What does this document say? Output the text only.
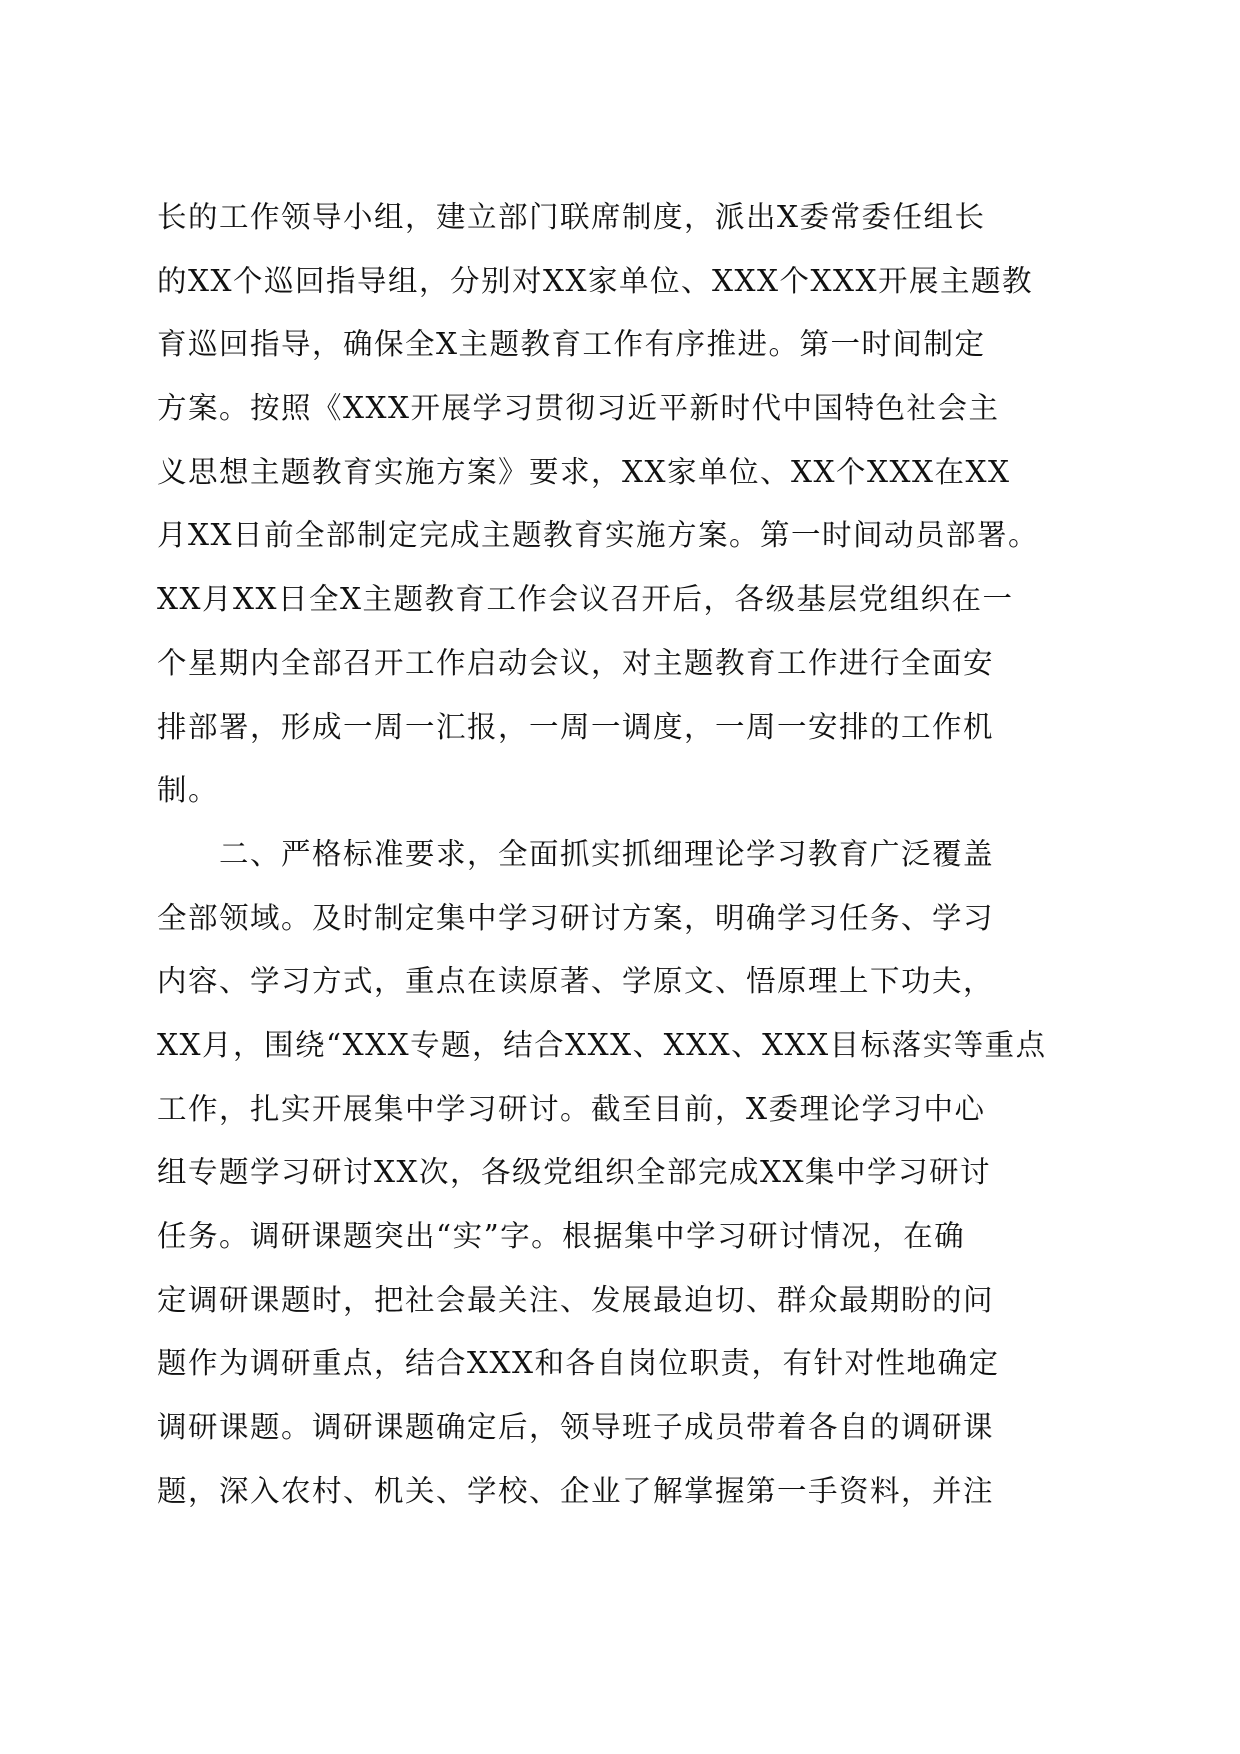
长的工作领导小组，建立部门联席制度，派出X委常委任组长
的XX个巡回指导组，分别对XX家单位、XXX个XXX开展主题教
育巡回指导，确保全X主题教育工作有序推进。第一时间制定
方案。按照《XXX开展学习贯彻习近平新时代中国特色社会主
义思想主题教育实施方案》要求，XX家单位、XX个XXX在XX
月XX日前全部制定完成主题教育实施方案。第一时间动员部署。
XX月XX日全X主题教育工作会议召开后，各级基层党组织在一
个星期内全部召开工作启动会议，对主题教育工作进行全面安
排部署，形成一周一汇报，一周一调度，一周一安排的工作机
制。
　　二、严格标准要求，全面抓实抓细理论学习教育广泛覆盖
全部领域。及时制定集中学习研讨方案，明确学习任务、学习
内容、学习方式，重点在读原著、学原文、悟原理上下功夫，
XX月，围绕“XXX专题，结合XXX、XXX、XXX目标落实等重点
工作，扎实开展集中学习研讨。截至目前，X委理论学习中心
组专题学习研讨XX次，各级党组织全部完成XX集中学习研讨
任务。调研课题突出“实”字。根据集中学习研讨情况，在确
定调研课题时，把社会最关注、发展最迫切、群众最期盼的问
题作为调研重点，结合XXX和各自岗位职责，有针对性地确定
调研课题。调研课题确定后，领导班子成员带着各自的调研课
题，深入农村、机关、学校、企业了解掌握第一手资料，并注
